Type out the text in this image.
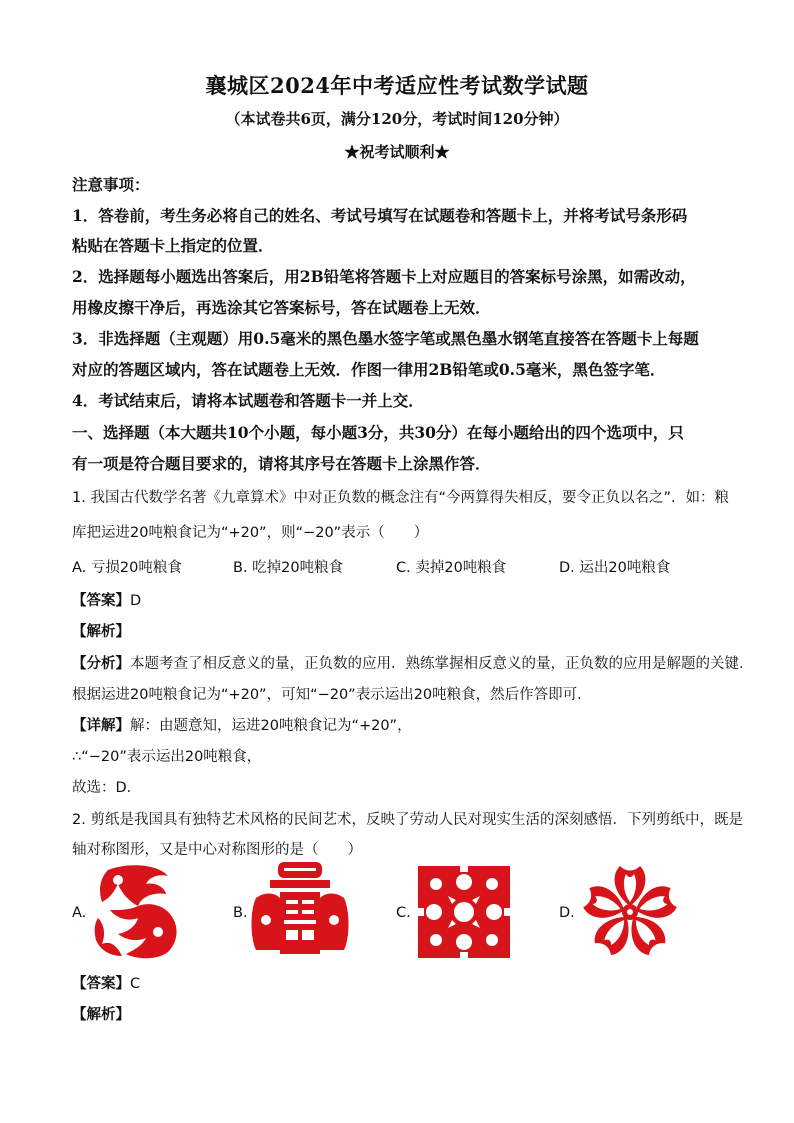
襄城区2024年中考适应性考试数学试题
（本试卷共6页，满分120分，考试时间120分钟）
★祝考试顺利★
注意事项：
1．答卷前，考生务必将自己的姓名、考试号填写在试题卷和答题卡上，并将考试号条形码
粘贴在答题卡上指定的位置．
2．选择题每小题选出答案后，用2B铅笔将答题卡上对应题目的答案标号涂黑，如需改动，
用橡皮擦干净后，再选涂其它答案标号，答在试题卷上无效．
3．非选择题（主观题）用0.5毫米的黑色墨水签字笔或黑色墨水钢笔直接答在答题卡上每题
对应的答题区域内，答在试题卷上无效．作图一律用2B铅笔或0.5毫米，黑色签字笔．
4．考试结束后，请将本试题卷和答题卡一并上交．
一、选择题（本大题共10个小题，每小题3分，共30分）在每小题给出的四个选项中，只
有一项是符合题目要求的，请将其序号在答题卡上涂黑作答．
1. 我国古代数学名著《九章算术》中对正负数的概念注有“今两算得失相反，要令正负以名之”．如：粮
库把运进20吨粮食记为“+20”，则“−20”表示（　　）
A. 亏损20吨粮食	B. 吃掉20吨粮食	C. 卖掉20吨粮食	D. 运出20吨粮食
【答案】D
【解析】
【分析】本题考查了相反意义的量，正负数的应用．熟练掌握相反意义的量，正负数的应用是解题的关键．
根据运进20吨粮食记为“+20”，可知“−20”表示运出20吨粮食，然后作答即可．
【详解】解：由题意知，运进20吨粮食记为“+20”，
∴“−20”表示运出20吨粮食，
故选：D．
2. 剪纸是我国具有独特艺术风格的民间艺术，反映了劳动人民对现实生活的深刻感悟．下列剪纸中，既是
轴对称图形，又是中心对称图形的是（　　）
A.	B.	C.	D.
【答案】C
【解析】
